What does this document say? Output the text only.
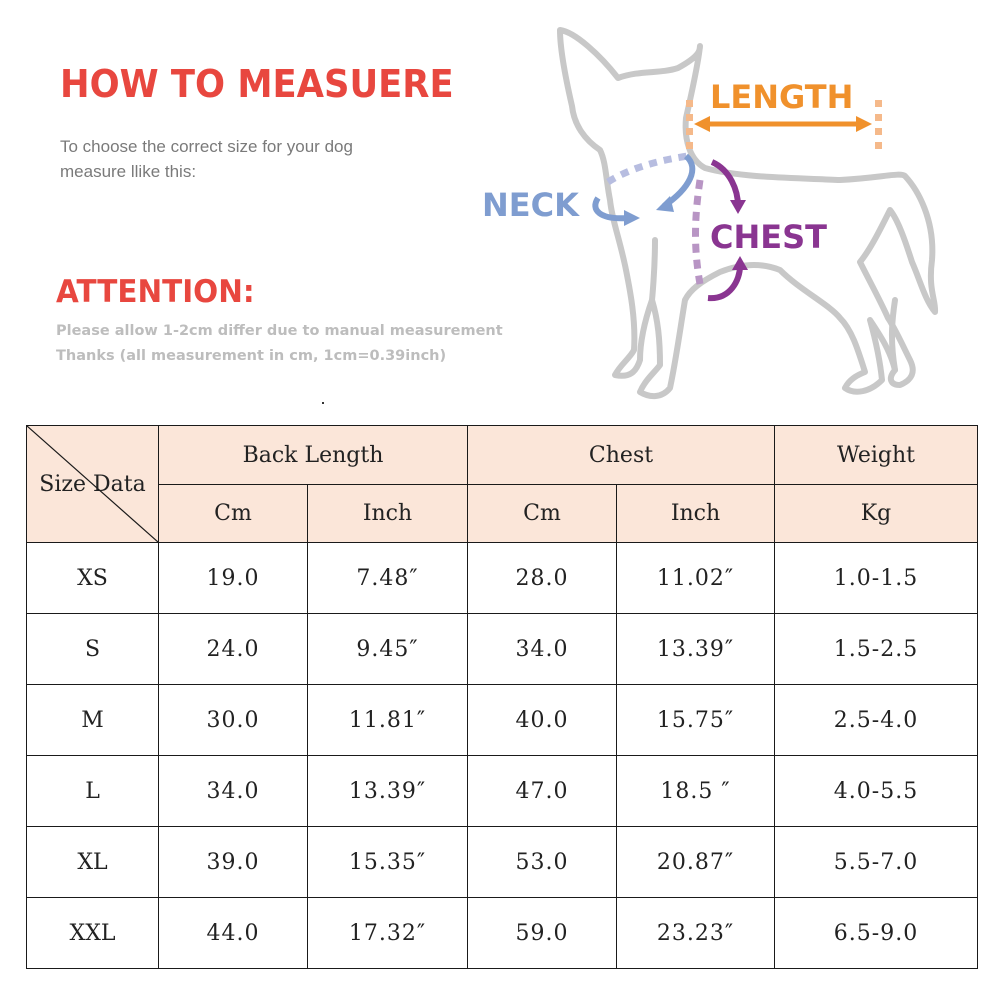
HOW TO MEASUERE
To choose the correct size for your dog
measure llike this:
ATTENTION:
Please allow 1-2cm differ due to manual measurement
Thanks (all measurement in cm, 1cm=0.39inch)
LENGTH
NECK
CHEST
Size Data	Back Length		Chest		Weight
	Cm	Inch	Cm	Inch	Kg
XS	19.0	7.48″	28.0	11.02″	1.0-1.5
S	24.0	9.45″	34.0	13.39″	1.5-2.5
M	30.0	11.81″	40.0	15.75″	2.5-4.0
L	34.0	13.39″	47.0	18.5 ″	4.0-5.5
XL	39.0	15.35″	53.0	20.87″	5.5-7.0
XXL	44.0	17.32″	59.0	23.23″	6.5-9.0
